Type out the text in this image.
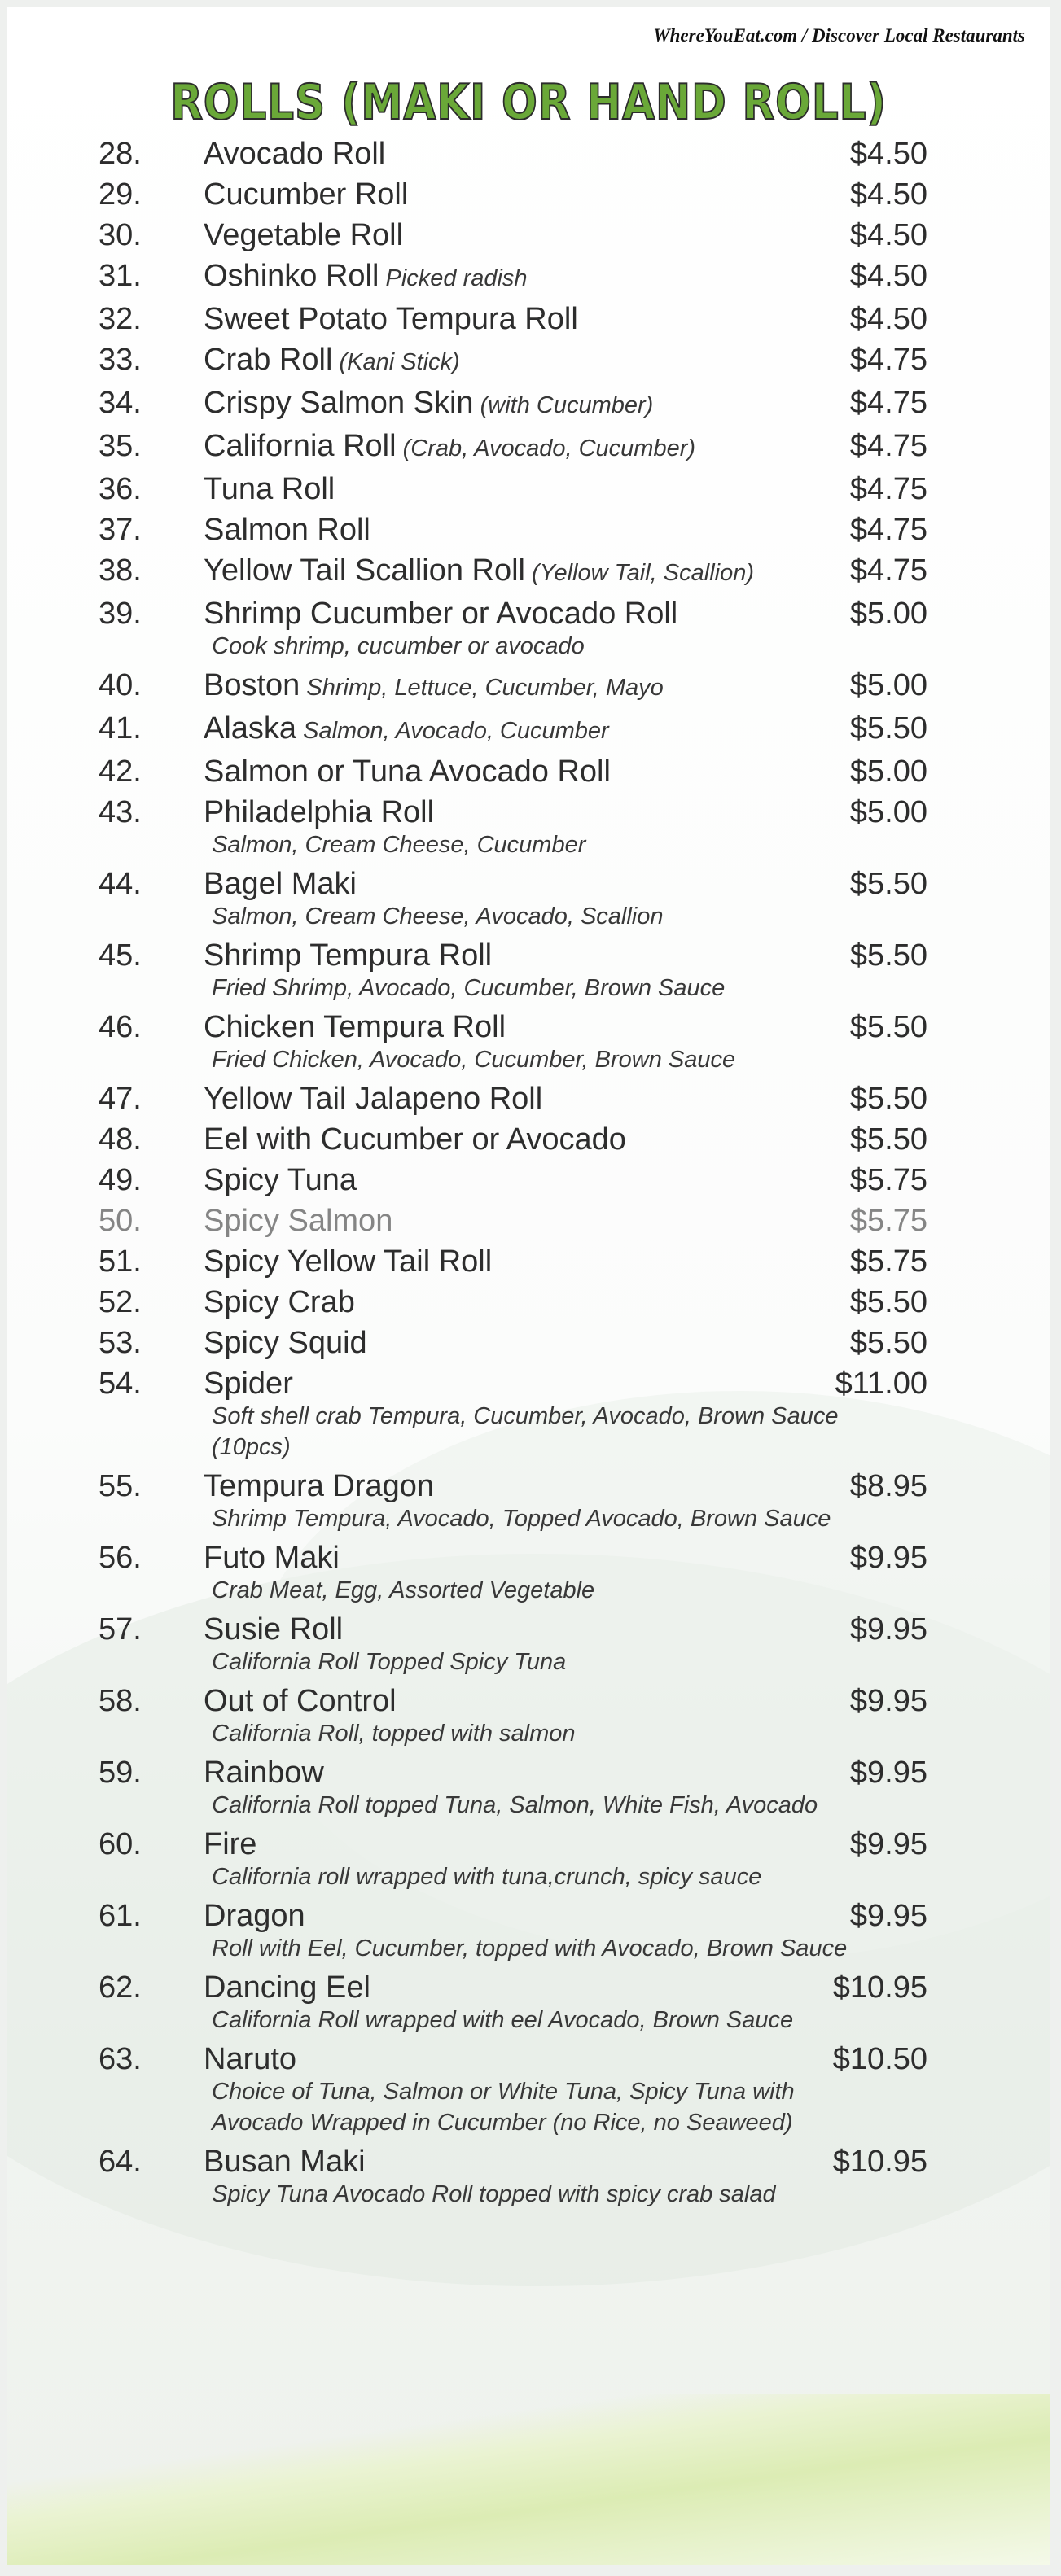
WhereYouEat.com / Discover Local Restaurants
ROLLS (MAKI OR HAND ROLL)
28. Avocado Roll	$4.50
29. Cucumber Roll	$4.50
30. Vegetable Roll	$4.50
31. Oshinko Roll Picked radish	$4.50
32. Sweet Potato Tempura Roll	$4.50
33. Crab Roll (Kani Stick)	$4.75
34. Crispy Salmon Skin (with Cucumber)	$4.75
35. California Roll (Crab, Avocado, Cucumber)	$4.75
36. Tuna Roll	$4.75
37. Salmon Roll	$4.75
38. Yellow Tail Scallion Roll (Yellow Tail, Scallion)	$4.75
39. Shrimp Cucumber or Avocado Roll
Cook shrimp, cucumber or avocado
$5.00
40. Boston Shrimp, Lettuce, Cucumber, Mayo	$5.00
41. Alaska Salmon, Avocado, Cucumber	$5.50
42. Salmon or Tuna Avocado Roll	$5.00
43. Philadelphia Roll
Salmon, Cream Cheese, Cucumber
$5.00
44. Bagel Maki
Salmon, Cream Cheese, Avocado, Scallion
$5.50
45. Shrimp Tempura Roll
Fried Shrimp, Avocado, Cucumber, Brown Sauce
$5.50
46. Chicken Tempura Roll
Fried Chicken, Avocado, Cucumber, Brown Sauce
$5.50
47. Yellow Tail Jalapeno Roll	$5.50
48. Eel with Cucumber or Avocado	$5.50
49. Spicy Tuna	$5.75
50. Spicy Salmon	$5.75
51. Spicy Yellow Tail Roll	$5.75
52. Spicy Crab	$5.50
53. Spicy Squid	$5.50
54. Spider
Soft shell crab Tempura, Cucumber, Avocado, Brown Sauce (10pcs)
$11.00
55. Tempura Dragon
Shrimp Tempura, Avocado, Topped Avocado, Brown Sauce
$8.95
56. Futo Maki
Crab Meat, Egg, Assorted Vegetable
$9.95
57. Susie Roll
California Roll Topped Spicy Tuna
$9.95
58. Out of Control
California Roll, topped with salmon
$9.95
59. Rainbow
California Roll topped Tuna, Salmon, White Fish, Avocado
$9.95
60. Fire
California roll wrapped with tuna,crunch, spicy sauce
$9.95
61. Dragon
Roll with Eel, Cucumber, topped with Avocado, Brown Sauce
$9.95
62. Dancing Eel
California Roll wrapped with eel Avocado, Brown Sauce
$10.95
63. Naruto
Choice of Tuna, Salmon or White Tuna, Spicy Tuna with Avocado Wrapped in Cucumber (no Rice, no Seaweed)
$10.50
64. Busan Maki
Spicy Tuna Avocado Roll topped with spicy crab salad
$10.95
